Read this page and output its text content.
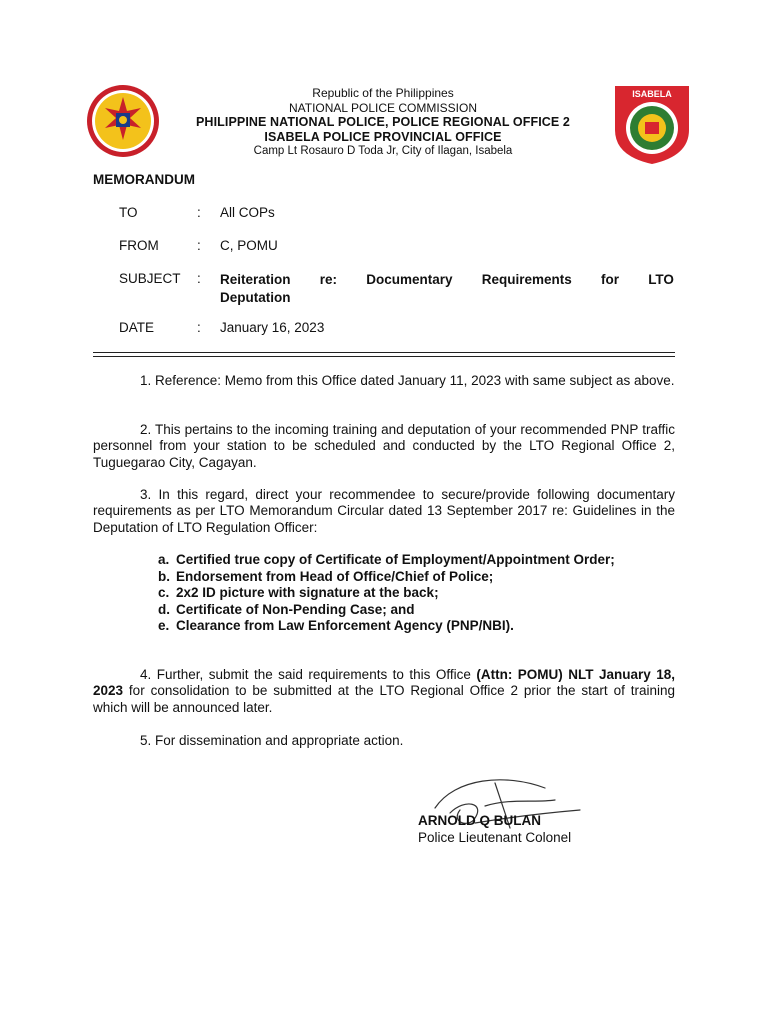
ISABELA
Republic of the Philippines
NATIONAL POLICE COMMISSION
PHILIPPINE NATIONAL POLICE, POLICE REGIONAL OFFICE 2
ISABELA POLICE PROVINCIAL OFFICE
Camp Lt Rosauro D Toda Jr, City of Ilagan, Isabela
MEMORANDUM
TO	: All COPs
FROM	: C, POMU
SUBJECT	: Reiteration re: Documentary Requirements for LTO
Deputation
DATE	: January 16, 2023
1. Reference: Memo from this Office dated January 11, 2023 with same subject as above.
2. This pertains to the incoming training and deputation of your recommended PNP traffic personnel from your station to be scheduled and conducted by the LTO Regional Office 2, Tuguegarao City, Cagayan.
3. In this regard, direct your recommendee to secure/provide following documentary requirements as per LTO Memorandum Circular dated 13 September 2017 re: Guidelines in the Deputation of LTO Regulation Officer:
a. Certified true copy of Certificate of Employment/Appointment Order;
b. Endorsement from Head of Office/Chief of Police;
c. 2x2 ID picture with signature at the back;
d. Certificate of Non-Pending Case; and
e. Clearance from Law Enforcement Agency (PNP/NBI).
4. Further, submit the said requirements to this Office (Attn: POMU) NLT January 18, 2023 for consolidation to be submitted at the LTO Regional Office 2 prior the start of training which will be announced later.
5. For dissemination and appropriate action.
ARNOLD Q BULAN
Police Lieutenant Colonel
